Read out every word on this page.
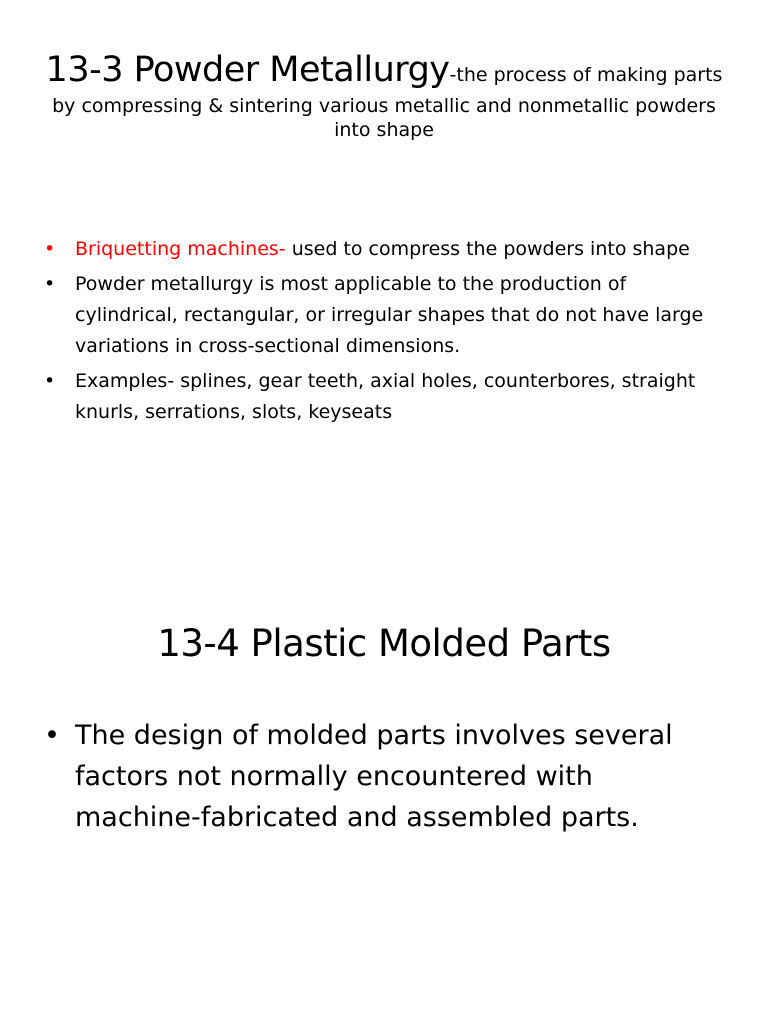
13-3 Powder Metallurgy-the process of making parts by compressing & sintering various metallic and nonmetallic powders into shape
• Briquetting machines- used to compress the powders into shape
• Powder metallurgy is most applicable to the production of cylindrical, rectangular, or irregular shapes that do not have large variations in cross-sectional dimensions.
• Examples- splines, gear teeth, axial holes, counterbores, straight knurls, serrations, slots, keyseats
13-4 Plastic Molded Parts
• The design of molded parts involves several factors not normally encountered with machine-fabricated and assembled parts.
